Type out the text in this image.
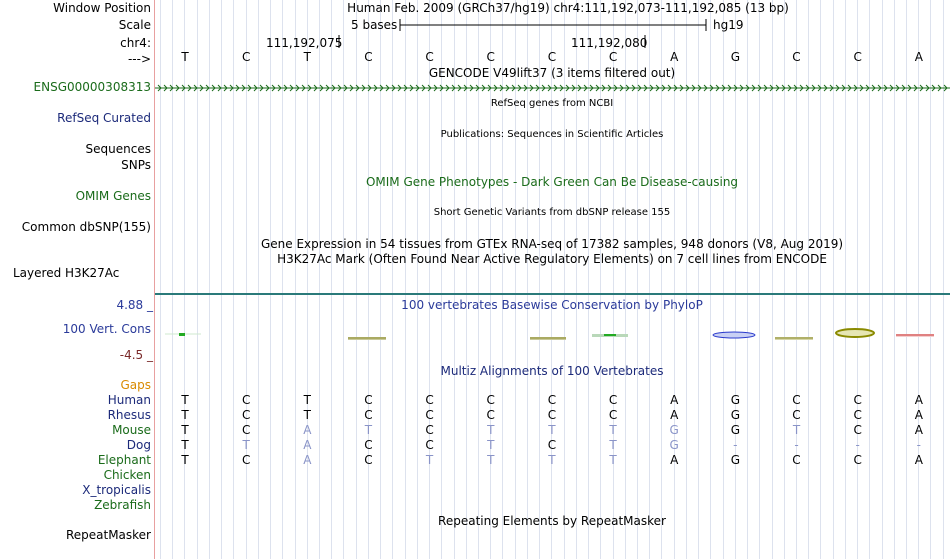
Window Position
Scale
chr4:
--->
ENSG00000308313
RefSeq Curated
Sequences
SNPs
OMIM Genes
Common dbSNP(155)
Layered H3K27Ac
100 Vert. Cons
Gaps
Human
Rhesus
Mouse
Dog
Elephant
Chicken
X_tropicalis
Zebrafish
RepeatMasker
Human Feb. 2009 (GRCh37/hg19) chr4:111,192,073-111,192,085 (13 bp)
5 bases	hg19
111,192,075	111,192,080
T	C	T	C	C	C	C	C	A	G	C	C	A
GENCODE V49lift37 (3 items filtered out)
RefSeq genes from NCBI
Publications: Sequences in Scientific Articles
OMIM Gene Phenotypes - Dark Green Can Be Disease-causing
Short Genetic Variants from dbSNP release 155
Gene Expression in 54 tissues from GTEx RNA-seq of 17382 samples, 948 donors (V8, Aug 2019)
H3K27Ac Mark (Often Found Near Active Regulatory Elements) on 7 cell lines from ENCODE
100 vertebrates Basewise Conservation by PhyloP
Multiz Alignments of 100 Vertebrates
Repeating Elements by RepeatMasker
T	C	T	C	C	C	C	C	A	G	C	C	A
T	C	T	C	C	C	C	C	A	G	C	C	A
T	C	A	T	C	T	T	T	G	G	T	C	A
T	T	A	C	C	T	C	T	G	-	-	-	-
T	C	A	C	T	T	T	T	A	G	C	C	A
4.88 _
-4.5 _
